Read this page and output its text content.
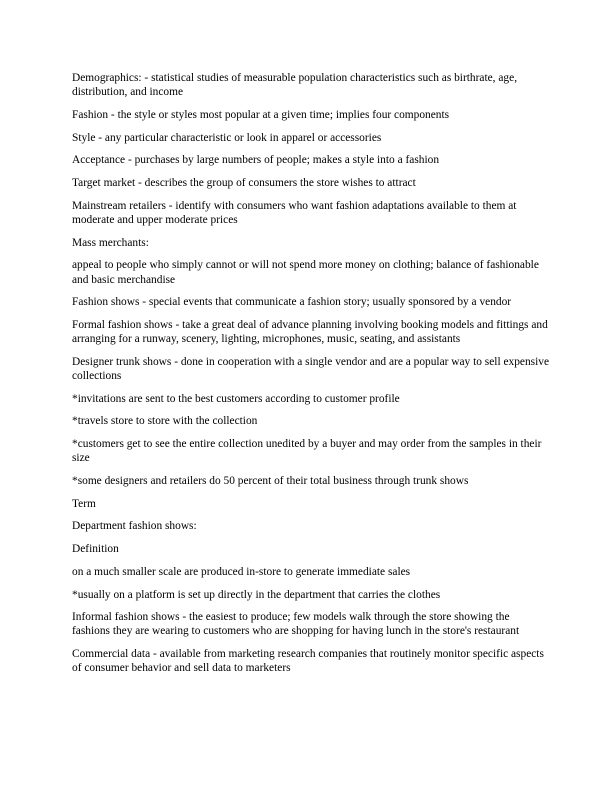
Demographics: - statistical studies of measurable population characteristics such as birthrate, age, distribution, and income

Fashion - the style or styles most popular at a given time; implies four components

Style - any particular characteristic or look in apparel or accessories

Acceptance - purchases by large numbers of people; makes a style into a fashion

Target market - describes the group of consumers the store wishes to attract

Mainstream retailers - identify with consumers who want fashion adaptations available to them at moderate and upper moderate prices

Mass merchants:

appeal to people who simply cannot or will not spend more money on clothing; balance of fashionable and basic merchandise

Fashion shows - special events that communicate a fashion story; usually sponsored by a vendor

Formal fashion shows - take a great deal of advance planning involving booking models and fittings and arranging for a runway, scenery, lighting, microphones, music, seating, and assistants

Designer trunk shows - done in cooperation with a single vendor and are a popular way to sell expensive collections

*invitations are sent to the best customers according to customer profile

*travels store to store with the collection

*customers get to see the entire collection unedited by a buyer and may order from the samples in their size

*some designers and retailers do 50 percent of their total business through trunk shows

Term

Department fashion shows:

Definition

on a much smaller scale are produced in-store to generate immediate sales

*usually on a platform is set up directly in the department that carries the clothes

Informal fashion shows - the easiest to produce; few models walk through the store showing the fashions they are wearing to customers who are shopping for having lunch in the store's restaurant

Commercial data - available from marketing research companies that routinely monitor specific aspects of consumer behavior and sell data to marketers
